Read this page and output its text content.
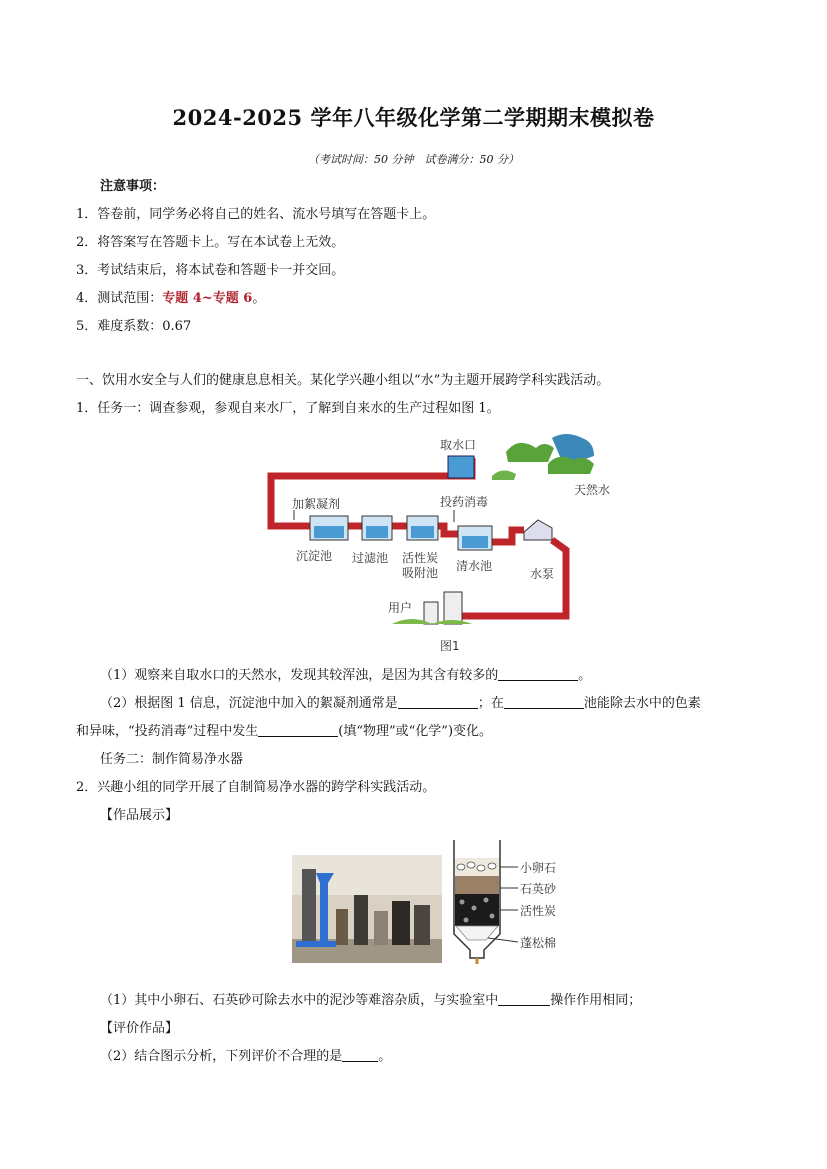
2024-2025 学年八年级化学第二学期期末模拟卷
（考试时间：50 分钟　试卷满分：50 分）
注意事项：
1．答卷前，同学务必将自己的姓名、流水号填写在答题卡上。
2．将答案写在答题卡上。写在本试卷上无效。
3．考试结束后，将本试卷和答题卡一并交回。
4．测试范围：专题 4~专题 6。
5．难度系数：0.67
一、饮用水安全与人们的健康息息相关。某化学兴趣小组以“水”为主题开展跨学科实践活动。
1．任务一：调查参观，参观自来水厂，了解到自来水的生产过程如图 1。
取水口
天然水
加絮凝剂	投药消毒
沉淀池 过滤池 活性炭
吸附池 清水池
水泵
用户
图1
（1）观察来自取水口的天然水，发现其较浑浊，是因为其含有较多的	。
（2）根据图 1 信息，沉淀池中加入的絮凝剂通常是	；在	池能除去水中的色素
和异味，“投药消毒”过程中发生	(填“物理”或“化学”)变化。
任务二：制作简易净水器
2．兴趣小组的同学开展了自制简易净水器的跨学科实践活动。
【作品展示】
小卵石
石英砂
活性炭
蓬松棉
（1）其中小卵石、石英砂可除去水中的泥沙等难溶杂质，与实验室中	操作作用相同；
【评价作品】
（2）结合图示分析，下列评价不合理的是	。
